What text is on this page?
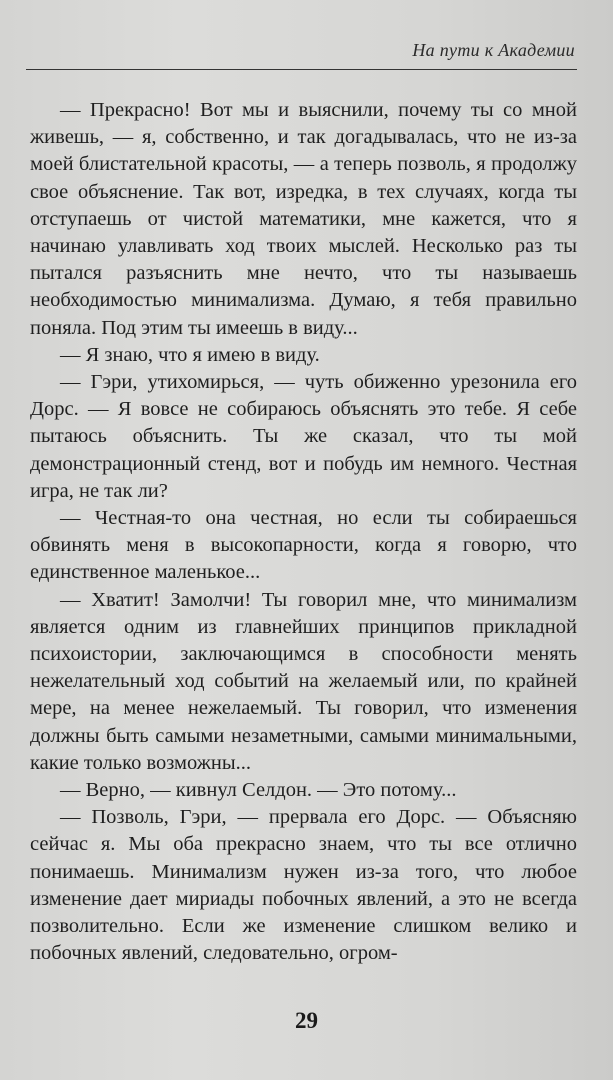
На пути к Академии

— Прекрасно! Вот мы и выяснили, почему ты со мной живешь, — я, собственно, и так догадывалась, что не из-за моей блистательной красоты, — а теперь позволь, я продолжу свое объяснение. Так вот, изредка, в тех случаях, когда ты отступаешь от чистой математики, мне кажется, что я начинаю улавливать ход твоих мыслей. Несколько раз ты пытался разъяснить мне нечто, что ты называешь необходимостью минимализма. Думаю, я тебя правильно поняла. Под этим ты имеешь в виду...

— Я знаю, что я имею в виду.

— Гэри, утихомирься, — чуть обиженно урезонила его Дорс. — Я вовсе не собираюсь объяснять это тебе. Я себе пытаюсь объяснить. Ты же сказал, что ты мой демонстрационный стенд, вот и побудь им немного. Честная игра, не так ли?

— Честная-то она честная, но если ты собираешься обвинять меня в высокопарности, когда я говорю, что единственное маленькое...

— Хватит! Замолчи! Ты говорил мне, что минимализм является одним из главнейших принципов прикладной психоистории, заключающимся в способности менять нежелательный ход событий на желаемый или, по крайней мере, на менее нежелаемый. Ты говорил, что изменения должны быть самыми незаметными, самыми минимальными, какие только возможны...

— Верно, — кивнул Селдон. — Это потому...

— Позволь, Гэри, — прервала его Дорс. — Объясняю сейчас я. Мы оба прекрасно знаем, что ты все отлично понимаешь. Минимализм нужен из-за того, что любое изменение дает мириады побочных явлений, а это не всегда позволительно. Если же изменение слишком велико и побочных явлений, следовательно, огром-

29
